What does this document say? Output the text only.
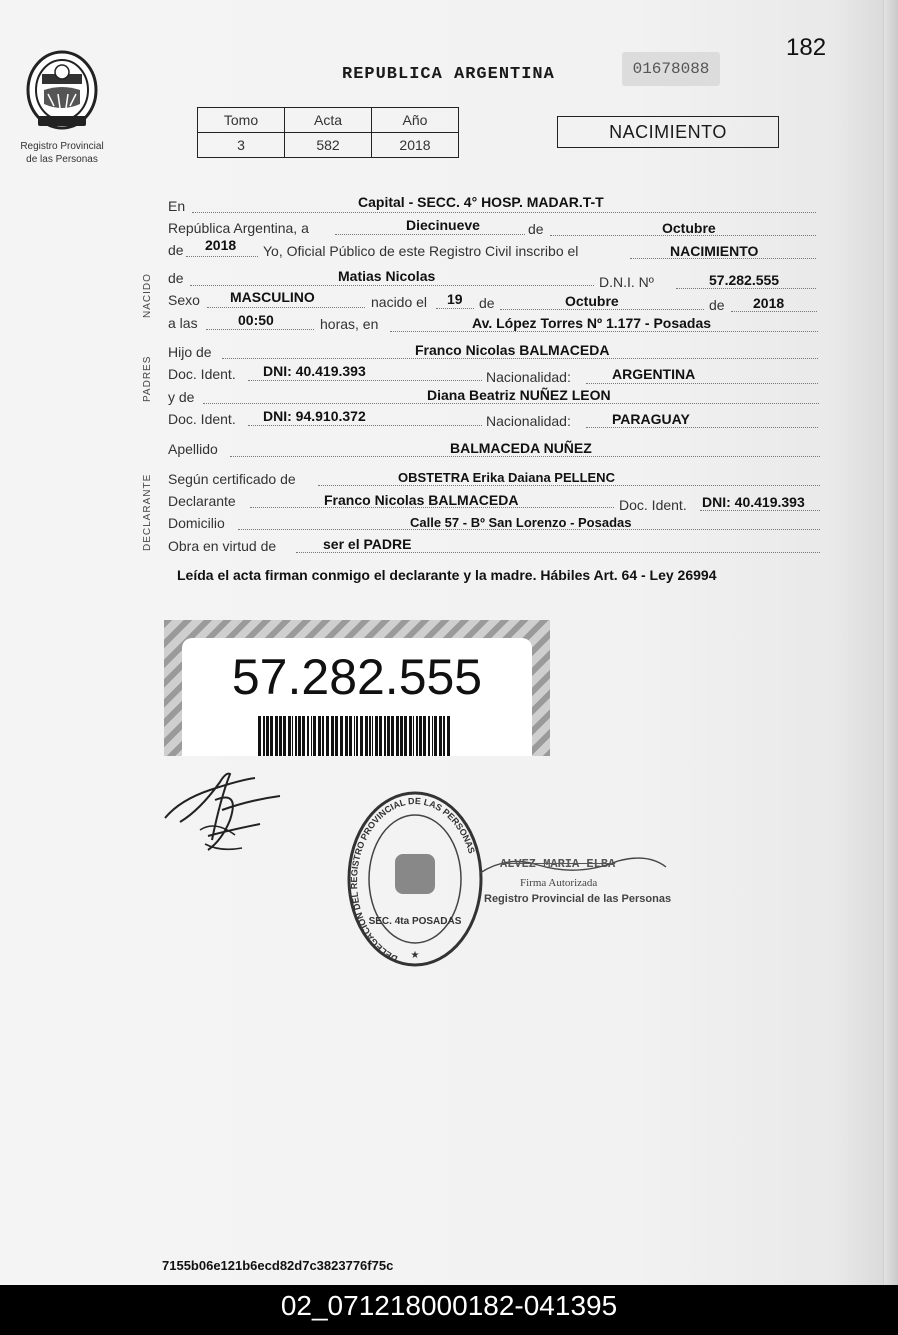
182
REPUBLICA ARGENTINA	01678088
Registro Provincial
de las Personas
Tomo	Acta	Año
3	582	2018
NACIMIENTO
NACIDO
PADRES
DECLARANTE
En	Capital - SECC. 4° HOSP. MADAR.T-T
República Argentina, a	Diecinueve	de	Octubre
de 2018 Yo, Oficial Público de este Registro Civil inscribo el	NACIMIENTO
de	Matias Nicolas	D.N.I. Nº	57.282.555
Sexo MASCULINO	nacido el 19 de	Octubre	de 2018
a las	00:50	horas, en	Av. López Torres Nº 1.177 - Posadas
Hijo de	Franco Nicolas BALMACEDA
Doc. Ident. DNI: 40.419.393	Nacionalidad:	ARGENTINA
y de	Diana Beatriz NUÑEZ LEON
Doc. Ident. DNI: 94.910.372	Nacionalidad:	PARAGUAY
Apellido	BALMACEDA NUÑEZ
Según certificado de	OBSTETRA Erika Daiana PELLENC
Declarante	Franco Nicolas BALMACEDA	Doc. Ident. DNI: 40.419.393
Domicilio	Calle 57 - Bº San Lorenzo - Posadas
Obra en virtud de	ser el PADRE
Leída el acta firman conmigo el declarante y la madre. Hábiles Art. 64 - Ley 26994
57.282.555
DELEGACION DEL REGISTRO PROVINCIAL DE LAS PERSONAS
SEC. 4ta POSADAS
★
ALVEZ MARIA ELBA
Firma Autorizada
Registro Provincial de las Personas
7155b06e121b6ecd82d7c3823776f75c
02_071218000182-041395
